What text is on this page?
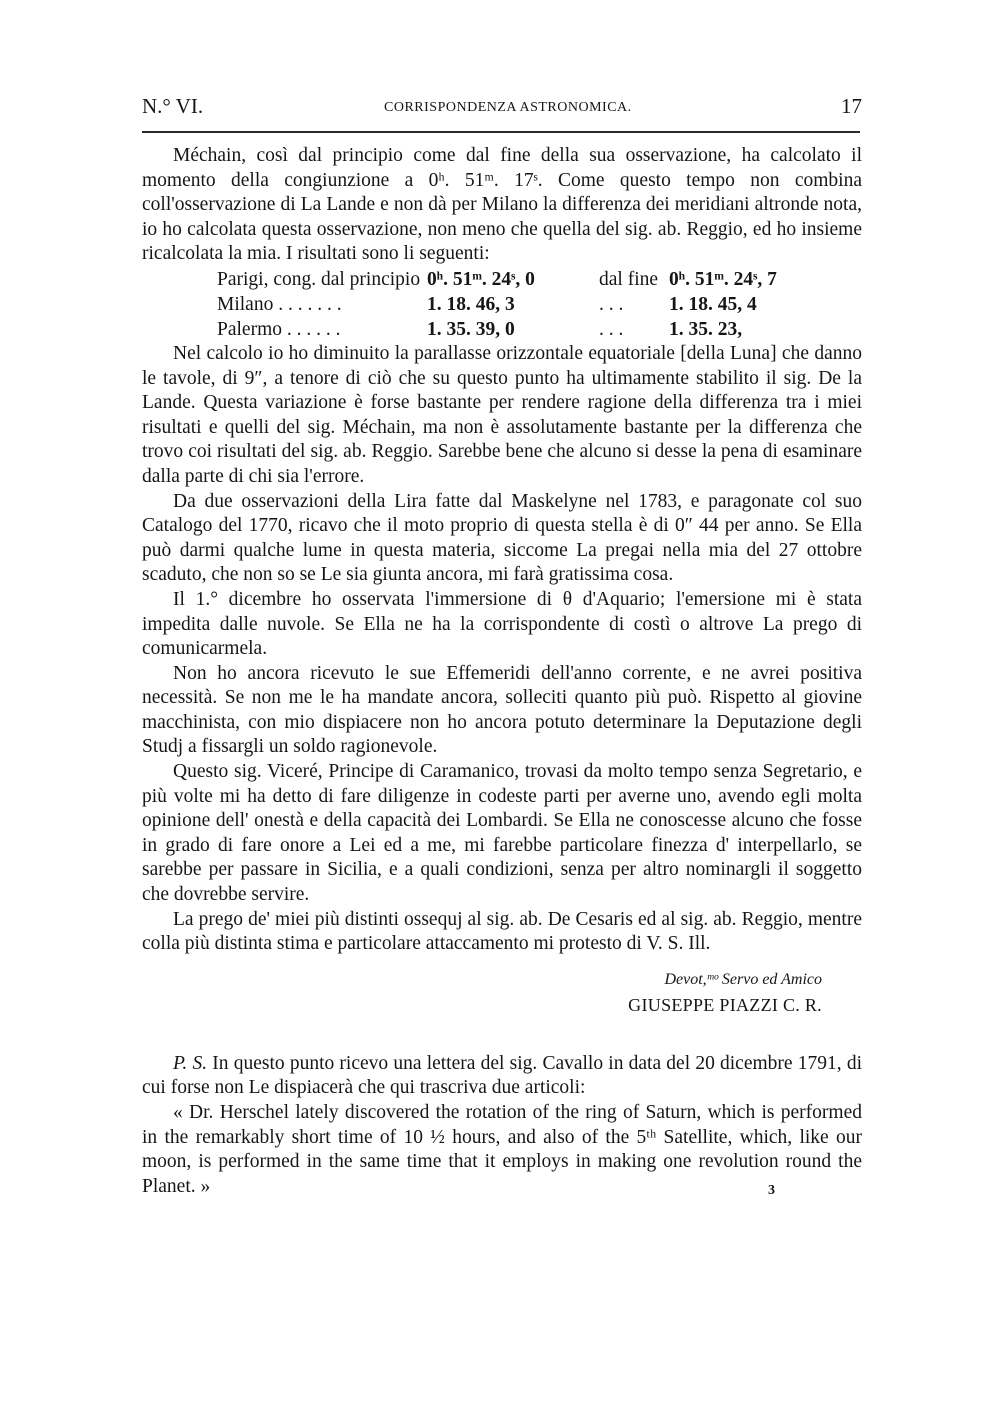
N.° VI.	CORRISPONDENZA ASTRONOMICA.	17

Méchain, così dal principio come dal fine della sua osservazione, ha calcolato il momento della congiunzione a 0ʰ. 51ᵐ. 17ˢ. Come questo tempo non combina coll'osservazione di La Lande e non dà per Milano la differenza dei meridiani altronde nota, io ho calcolata questa osservazione, non meno che quella del sig. ab. Reggio, ed ho insieme ricalcolata la mia. I risultati sono li seguenti:

Parigi, cong. dal principio 0ʰ. 51ᵐ. 24ˢ, 0	dal fine 0ʰ. 51ᵐ. 24ˢ, 7
Milano . . . . . . .	1. 18. 46, 3	. . .	1. 18. 45, 4
Palermo . . . . . .	1. 35. 39, 0	. . .	1. 35. 23,

Nel calcolo io ho diminuito la parallasse orizzontale equatoriale [della Luna] che danno le tavole, di 9″, a tenore di ciò che su questo punto ha ultimamente stabilito il sig. De la Lande. Questa variazione è forse bastante per rendere ragione della differenza tra i miei risultati e quelli del sig. Méchain, ma non è assolutamente bastante per la differenza che trovo coi risultati del sig. ab. Reggio. Sarebbe bene che alcuno si desse la pena di esaminare dalla parte di chi sia l'errore.

Da due osservazioni della Lira fatte dal Maskelyne nel 1783, e paragonate col suo Catalogo del 1770, ricavo che il moto proprio di questa stella è di 0″ 44 per anno. Se Ella può darmi qualche lume in questa materia, siccome La pregai nella mia del 27 ottobre scaduto, che non so se Le sia giunta ancora, mi farà gratissima cosa.

Il 1.° dicembre ho osservata l'immersione di θ d'Aquario; l'emersione mi è stata impedita dalle nuvole. Se Ella ne ha la corrispondente di costì o altrove La prego di comunicarmela.

Non ho ancora ricevuto le sue Effemeridi dell'anno corrente, e ne avrei positiva necessità. Se non me le ha mandate ancora, solleciti quanto più può. Rispetto al giovine macchinista, con mio dispiacere non ho ancora potuto determinare la Deputazione degli Studj a fissargli un soldo ragionevole.

Questo sig. Viceré, Principe di Caramanico, trovasi da molto tempo senza Segretario, e più volte mi ha detto di fare diligenze in codeste parti per averne uno, avendo egli molta opinione dell' onestà e della capacità dei Lombardi. Se Ella ne conoscesse alcuno che fosse in grado di fare onore a Lei ed a me, mi farebbe particolare finezza d' interpellarlo, se sarebbe per passare in Sicilia, e a quali condizioni, senza per altro nominargli il soggetto che dovrebbe servire.

La prego de' miei più distinti ossequj al sig. ab. De Cesaris ed al sig. ab. Reggio, mentre colla più distinta stima e particolare attaccamento mi protesto di V. S. Ill.

Devot,ᵐᵒ Servo ed Amico
GIUSEPPE PIAZZI C. R.

P. S. In questo punto ricevo una lettera del sig. Cavallo in data del 20 dicembre 1791, di cui forse non Le dispiacerà che qui trascriva due articoli:

« Dr. Herschel lately discovered the rotation of the ring of Saturn, which is performed in the remarkably short time of 10 ½ hours, and also of the 5ᵗʰ Satellite, which, like our moon, is performed in the same time that it employs in making one revolution round the Planet. »	3
